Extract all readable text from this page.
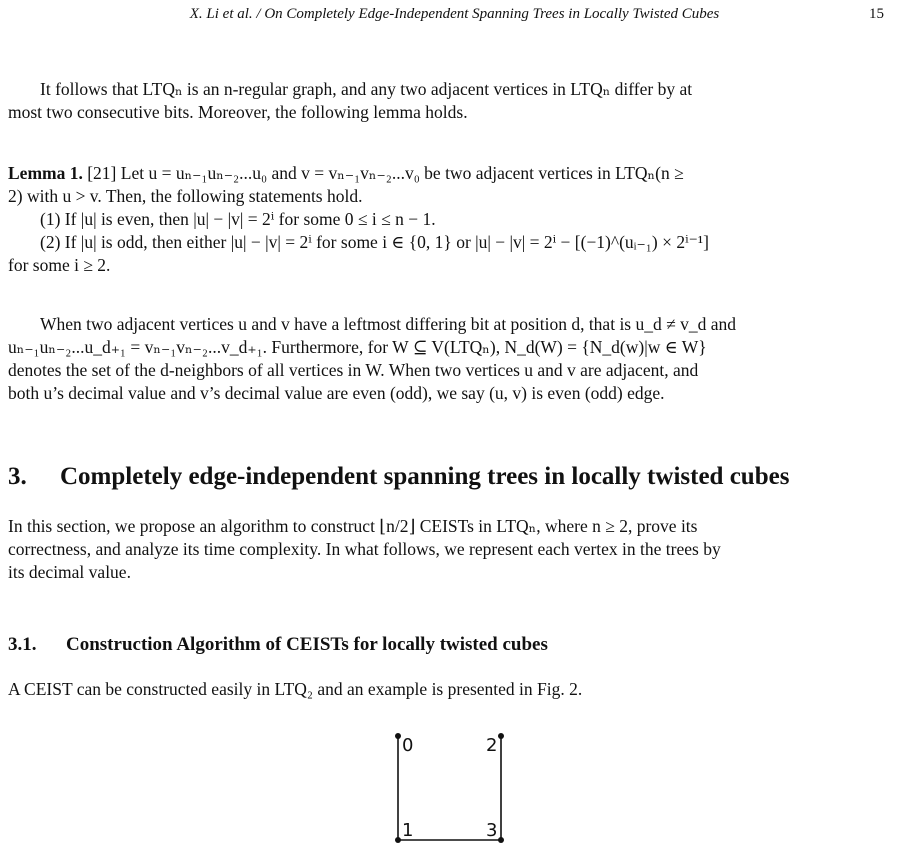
X. Li et al. / On Completely Edge-Independent Spanning Trees in Locally Twisted Cubes	15
It follows that LTQₙ is an n-regular graph, and any two adjacent vertices in LTQₙ differ by at
most two consecutive bits. Moreover, the following lemma holds.
Lemma 1. [21] Let u = uₙ₋₁uₙ₋₂...u₀ and v = vₙ₋₁vₙ₋₂...v₀ be two adjacent vertices in LTQₙ(n ≥
2) with u > v. Then, the following statements hold.
(1) If |u| is even, then |u| − |v| = 2ⁱ for some 0 ≤ i ≤ n − 1.
(2) If |u| is odd, then either |u| − |v| = 2ⁱ for some i ∈ {0, 1} or |u| − |v| = 2ⁱ − [(−1)^(uᵢ₋₁) × 2ⁱ⁻¹]
for some i ≥ 2.
When two adjacent vertices u and v have a leftmost differing bit at position d, that is u_d ≠ v_d and
uₙ₋₁uₙ₋₂...u_d₊₁ = vₙ₋₁vₙ₋₂...v_d₊₁. Furthermore, for W ⊆ V(LTQₙ), N_d(W) = {N_d(w)|w ∈ W}
denotes the set of the d-neighbors of all vertices in W. When two vertices u and v are adjacent, and
both u’s decimal value and v’s decimal value are even (odd), we say (u, v) is even (odd) edge.
3. Completely edge-independent spanning trees in locally twisted cubes
In this section, we propose an algorithm to construct ⌊n/2⌋ CEISTs in LTQₙ, where n ≥ 2, prove its
correctness, and analyze its time complexity. In what follows, we represent each vertex in the trees by
its decimal value.
3.1. Construction Algorithm of CEISTs for locally twisted cubes
A CEIST can be constructed easily in LTQ₂ and an example is presented in Fig. 2.
0	2
1	3
